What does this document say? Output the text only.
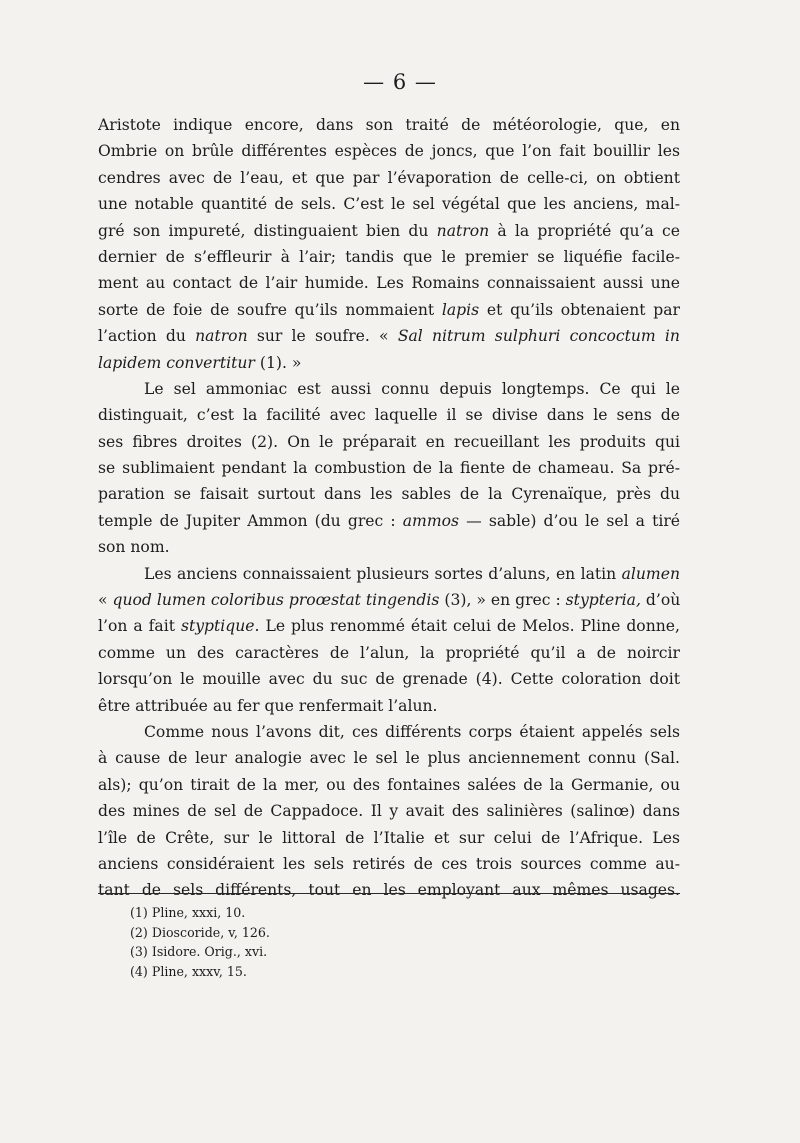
— 6 —
Aristote indique encore, dans son traité de météorologie, que, en
Ombrie on brûle différentes espèces de joncs, que l’on fait bouillir les
cendres avec de l’eau, et que par l’évaporation de celle-ci, on obtient
une notable quantité de sels. C’est le sel végétal que les anciens, mal-
gré son impureté, distinguaient bien du natron à la propriété qu’a ce
dernier de s’effleurir à l’air; tandis que le premier se liquéfie facile-
ment au contact de l’air humide. Les Romains connaissaient aussi une
sorte de foie de soufre qu’ils nommaient lapis et qu’ils obtenaient par
l’action du natron sur le soufre. « Sal nitrum sulphuri concoctum in
lapidem convertitur (1). »
Le sel ammoniac est aussi connu depuis longtemps. Ce qui le
distinguait, c’est la facilité avec laquelle il se divise dans le sens de
ses fibres droites (2). On le préparait en recueillant les produits qui
se sublimaient pendant la combustion de la fiente de chameau. Sa pré-
paration se faisait surtout dans les sables de la Cyrenaïque, près du
temple de Jupiter Ammon (du grec : ammos — sable) d’ou le sel a tiré
son nom.
Les anciens connaissaient plusieurs sortes d’aluns, en latin alumen
« quod lumen coloribus proœstat tingendis (3), » en grec : stypteria, d’où
l’on a fait styptique. Le plus renommé était celui de Melos. Pline donne,
comme un des caractères de l’alun, la propriété qu’il a de noircir
lorsqu’on le mouille avec du suc de grenade (4). Cette coloration doit
être attribuée au fer que renfermait l’alun.
Comme nous l’avons dit, ces différents corps étaient appelés sels
à cause de leur analogie avec le sel le plus anciennement connu (Sal.
als); qu’on tirait de la mer, ou des fontaines salées de la Germanie, ou
des mines de sel de Cappadoce. Il y avait des salinières (salinœ) dans
l’île de Crête, sur le littoral de l’Italie et sur celui de l’Afrique. Les
anciens considéraient les sels retirés de ces trois sources comme au-
tant de sels différents, tout en les employant aux mêmes usages.
(1) Pline, xxxi, 10.
(2) Dioscoride, v, 126.
(3) Isidore. Orig., xvi.
(4) Pline, xxxv, 15.
